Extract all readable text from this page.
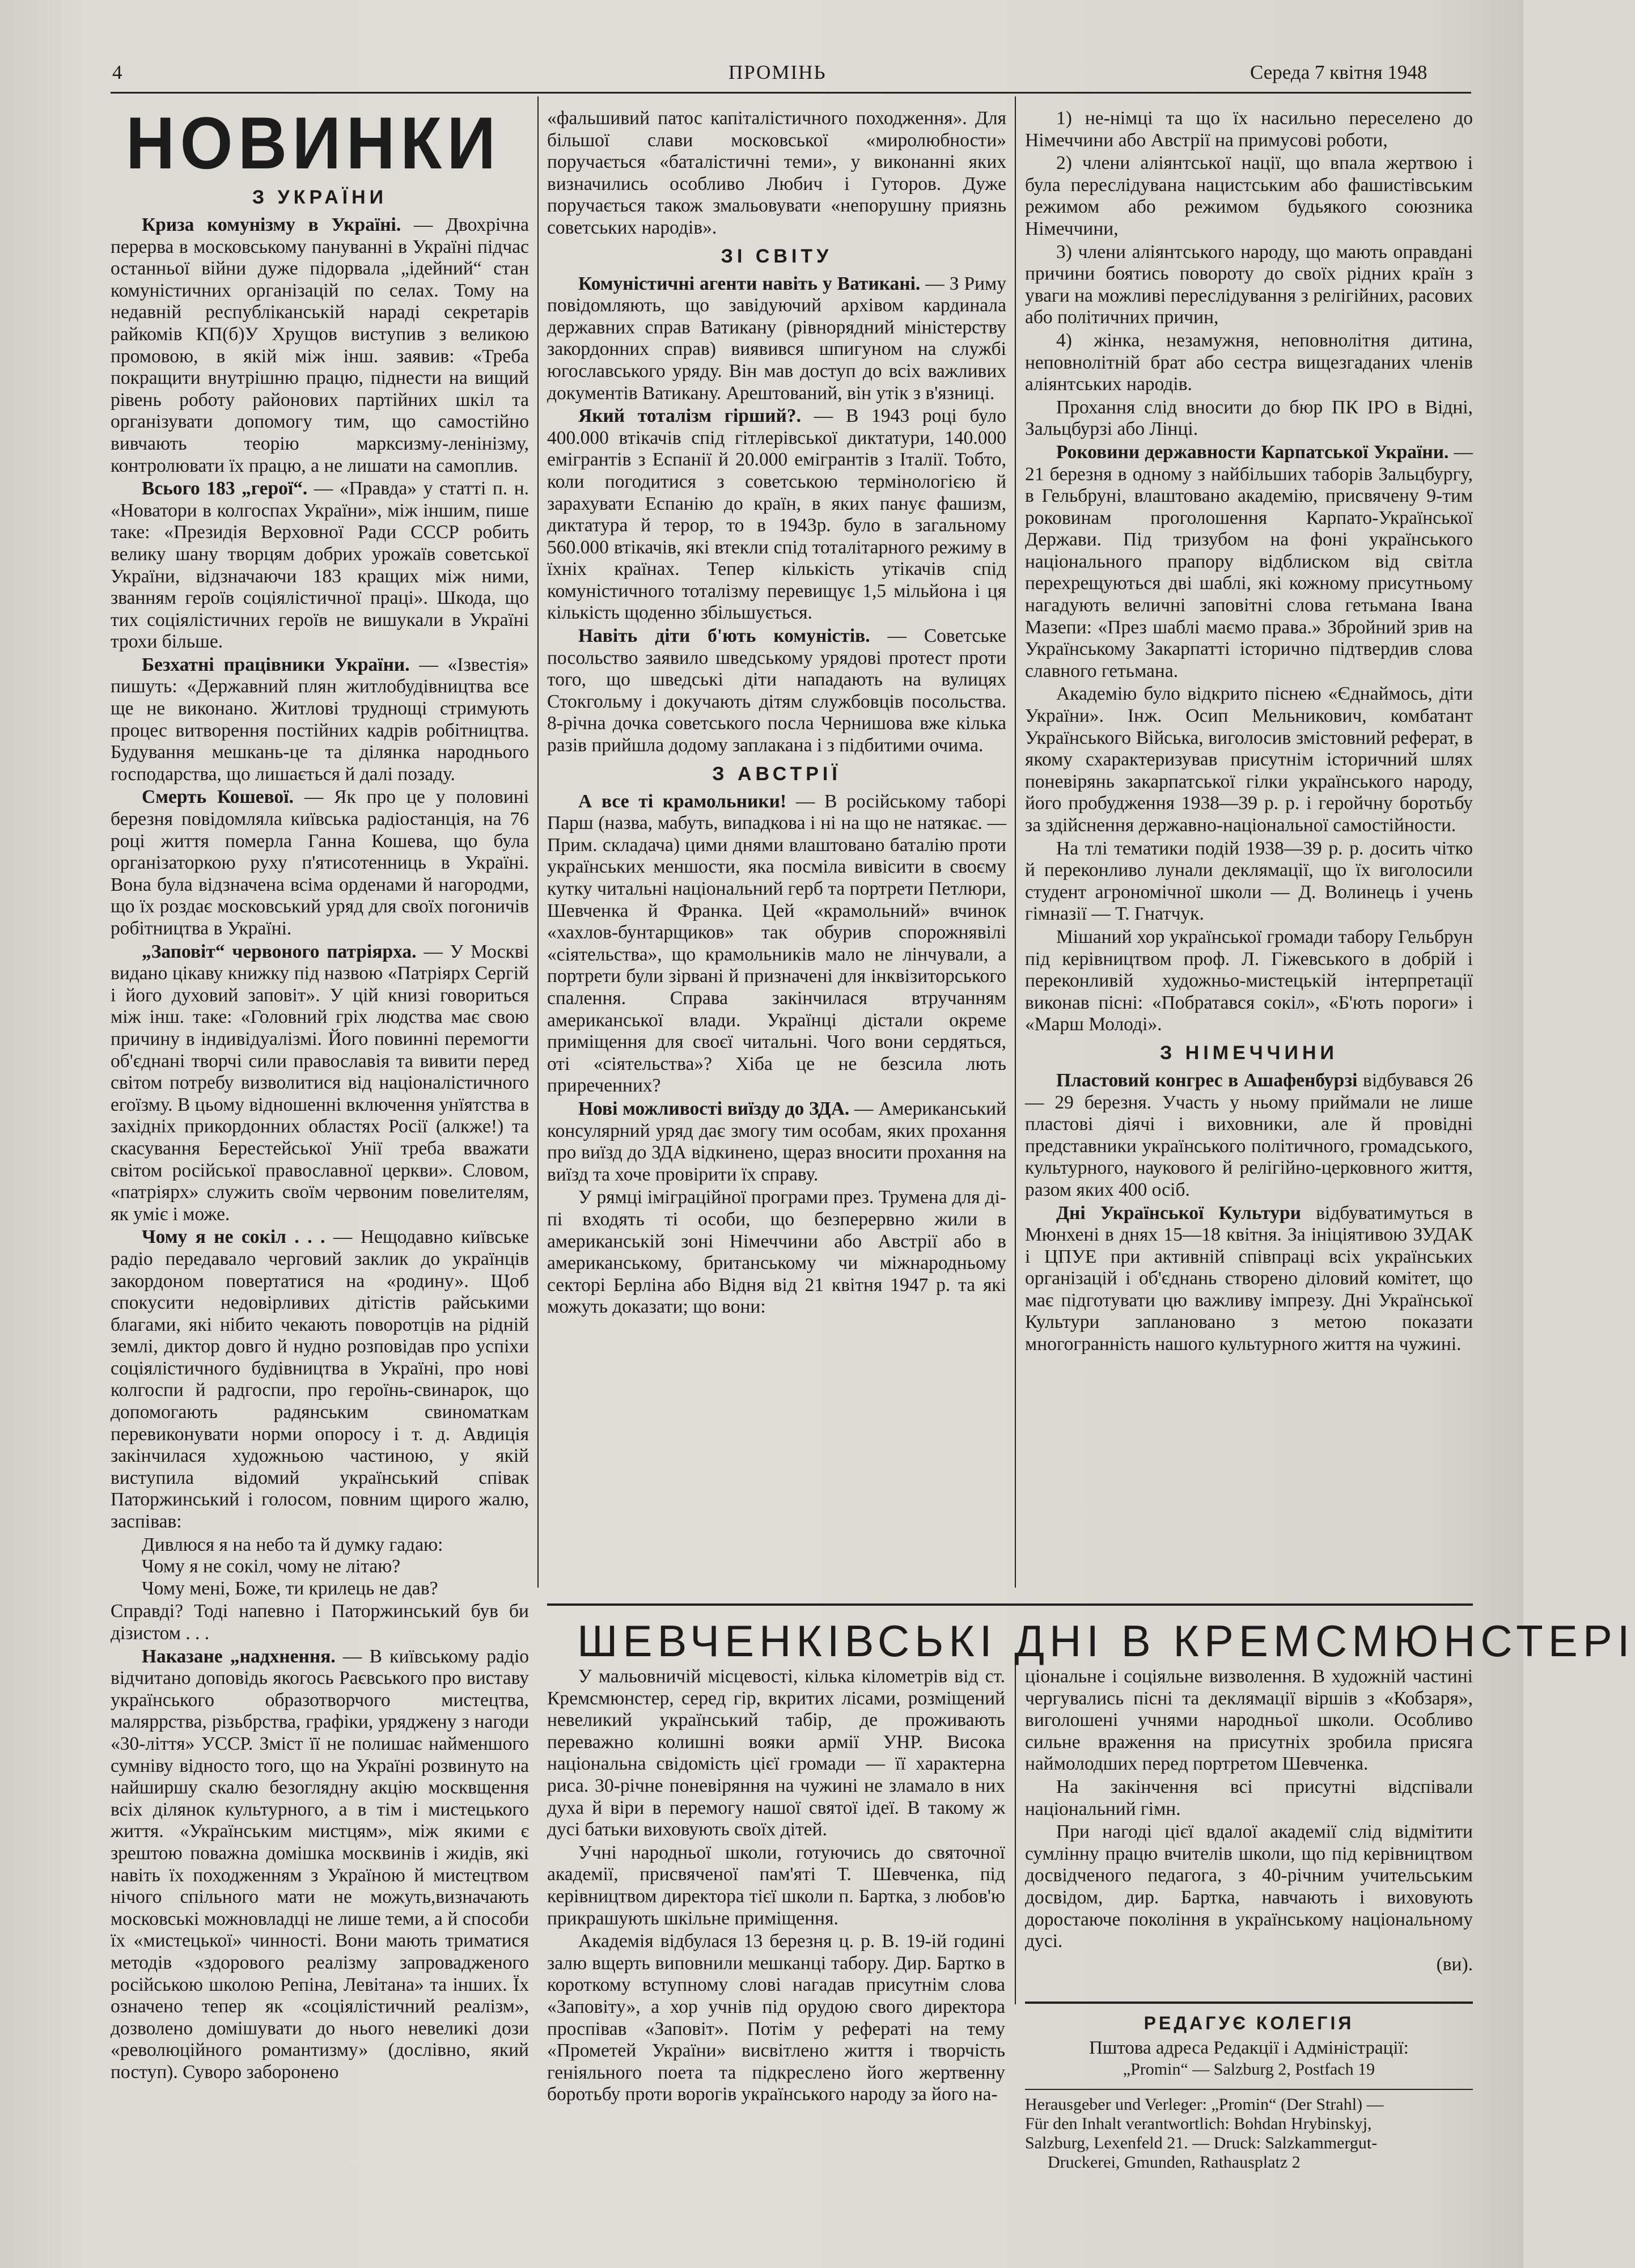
4	ПРОМІНЬ	Середа 7 квітня 1948
НОВИНКИ
З УКРАЇНИ

Криза комунізму в Україні. — Двохрічна перерва в московському пануванні в Україні підчас останньої війни дуже підорвала „ідейний“ стан комуністичних організацій по селах. Тому на недавній республіканській нараді секретарів райкомів КП(б)У Хрущов виступив з великою промовою, в якій між інш. заявив: «Треба покращити внутрішню працю, піднести на вищий рівень роботу районових партійних шкіл та організувати допомогу тим, що самостійно вивчають теорію марксизму-ленінізму, контролювати їх працю, а не лишати на самоплив.

Всього 183 „герої“. — «Правда» у статті п. н. «Новатори в колгоспах України», між іншим, пише таке: «Президія Верховної Ради СССР робить велику шану творцям добрих урожаїв советської України, відзначаючи 183 кращих між ними, званням героїв соціялістичної праці». Шкода, що тих соціялістичних героїв не вишукали в Україні трохи більше.

Безхатні працівники України. — «Ізвестія» пишуть: «Державний плян житлобудівництва все ще не виконано. Житлові труднощі стримують процес витворення постійних кадрів робітництва. Будування мешкань-це та ділянка народнього господарства, що лишається й далі позаду.

Смерть Кошевої. — Як про це у половині березня повідомляла київська радіостанція, на 76 році життя померла Ганна Кошева, що була організаторкою руху п'ятисотенниць в Україні. Вона була відзначена всіма орденами й нагородми, що їх роздає московський уряд для своїх погоничів робітництва в Україні.

„Заповіт“ червоного патріярха. — У Москві видано цікаву книжку під назвою «Патріярх Сергій і його духовий заповіт». У цій книзі говориться між інш. таке: «Головний гріх людства має свою причину в індивідуалізмі. Його повинні перемогти об'єднані творчі сили православія та вивити перед світом потребу визволитися від націоналістичного егоїзму. В цьому відношенні включення унїятства в західніх прикордонних областях Росії (алкже!) та скасування Берестейської Унії треба вважати світом російської православної церкви». Словом, «патріярх» служить своїм червоним повелителям, як уміє і може.

Чому я не сокіл . . . — Нещодавно київське радіо передавало черговий заклик до українців закордоном повертатися на «родину». Щоб спокусити недовірливих дітістів райськими благами, які нібито чекають поворотців на рідній землі, диктор довго й нудно розповідав про успіхи соціялістичного будівництва в Україні, про нові колгоспи й радгоспи, про героїнь-свинарок, що допомогають радянським свиноматкам перевиконувати норми опоросу і т. д. Авдиція закінчилася художньою частиною, у якій виступила відомий український співак Паторжинський і голосом, повним щирого жалю, заспівав:

Дивлюся я на небо та й думку гадаю:
Чому я не сокіл, чому не літаю?
Чому мені, Боже, ти крилець не дав?

Справді? Тоді напевно і Паторжинський був би дізистом . . .

Наказане „надхнення. — В київському радіо відчитано доповідь якогось Раєвського про виставу українського образотворчого мистецтва, маляррства, різьбрства, графіки, уряджену з нагоди «30-ліття» УССР. Зміст її не полишає найменшого сумніву відносто того, що на Україні розвинуто на найширшу скалю безоглядну акцію москвщення всіх ділянок культурного, а в тім і мистецького життя. «Українським мистцям», між якими є зрештою поважна домішка москвинів і жидів, які навіть їх походженням з Україною й мистецтвом нічого спільного мати не можуть,визначають московські можновладці не лише теми, а й способи їх «мистецької» чинності. Вони мають триматися методів «здорового реалізму запровадженого російською школою Репіна, Левітана» та інших. Їх означено тепер як «соціялістичний реалізм», дозволено домішувати до нього невеликі дози «революційного романтизму» (дослівно, який поступ). Суворо заборонено

«фальшивий патос капіталістичного походження». Для більшої слави московської «миролюбности» поручається «баталістичні теми», у виконанні яких визначились особливо Любич і Гуторов. Дуже поручається також змальовувати «непорушну приязнь советських народів».

ЗІ СВІТУ

Комуністичні агенти навіть у Ватикані. — З Риму повідомляють, що завідуючий архівом кардинала державних справ Ватикану (рівнорядний міністерству закордонних справ) виявився шпигуном на службі югославського уряду. Він мав доступ до всіх важливих документів Ватикану. Арештований, він утік з в'язниці.

Який тоталізм гірший?. — В 1943 році було 400.000 втікачів спід гітлерівської диктатури, 140.000 емігрантів з Еспанії й 20.000 емігрантів з Італії. Тобто, коли погодитися з советською термінологією й зарахувати Еспанію до країн, в яких панує фашизм, диктатура й терор, то в 1943р. було в загальному 560.000 втікачів, які втекли спід тоталітарного режиму в їхніх країнах. Тепер кількість утікачів спід комуністичного тоталізму перевищує 1,5 мільйона і ця кількість щоденно збільшується.

Навіть діти б'ють комуністів. — Советське посольство заявило шведському урядові протест проти того, що шведські діти нападають на вулицях Стокгольму і докучають дітям службовців посольства. 8-річна дочка советського посла Чернишова вже кілька разів прийшла додому заплакана і з підбитими очима.

З АВСТРІЇ

А все ті крамольники! — В російському таборі Парш (назва, мабуть, випадкова і ні на що не натякає. — Прим. складача) цими днями влаштовано баталію проти українських меншости, яка посміла вивісити в своєму кутку читальні національний герб та портрети Петлюри, Шевченка й Франка. Цей «крамольний» вчинок «хахлов-бунтарщиков» так обурив спорожнявілі «сіятельства», що крамольників мало не лінчували, а портрети були зірвані й призначені для інквізиторського спалення. Справа закінчилася втручанням американської влади. Українці дістали окреме приміщення для своєї читальні. Чого вони сердяться, оті «сіятельства»? Хіба це не безсила лють приреченних?

Нові можливості виїзду до ЗДА. — Американський консулярний уряд дає змогу тим особам, яких прохання про виїзд до ЗДА відкинено, щераз вносити прохання на виїзд та хоче провірити їх справу.

У рямці імігрaційної програми през. Трумена для ді-пі входять ті особи, що безперервно жили в американській зоні Німеччини або Австрії або в американському, британському чи міжнародньому секторі Берліна або Відня від 21 квітня 1947 р. та які можуть доказати; що вони:

1) не-німці та що їх насильно переселено до Німеччини або Австрії на примусові роботи,

2) члени аліянтської нації, що впала жертвою і була переслідувана нацистським або фашистівським режимом або режимом будьякого союзника Німеччини,

3) члени аліянтського народу, що мають оправдані причини боятись повороту до своїх рідних країн з уваги на можливі переслідування з релігійних, расових або політичних причин,

4) жінка, незамужня, неповнолітня дитина, неповнолітній брат або сестра вищезгаданих членів аліянтських народів.

Прохання слід вносити до бюр ПК ІРО в Відні, Зальцбурзі або Лінці.

Роковини державности Карпатської України. — 21 березня в одному з найбільших таборів Зальцбургу, в Гельбруні, влаштовано академію, присвячену 9-тим роковинам проголошення Карпато-Української Держави. Під тризубом на фоні українського національного прапору відблиском від світла перехрещуються дві шаблі, які кожному присутньому нагадують величні заповітні слова гетьмана Івана Мазепи: «През шаблі маємо права.» Збройний зрив на Українському Закарпатті історично підтвердив слова славного гетьмана.

Академію було відкрито піснею «Єднаймось, діти України». Інж. Осип Мельникович, комбатант Українського Війська, виголосив змістовний реферат, в якому схарактеризував присутнім історичний шлях поневірянь закарпатської гілки українського народу, його пробудження 1938—39 р. р. і геройчну боротьбу за здійснення державно-національної самостійности.

На тлі тематики подій 1938—39 р. р. досить чітко й переконливо лунали деклямації, що їх виголосили студент агрономічної школи — Д. Волинець і учень гімназії — Т. Гнатчук.

Мішаний хор української громади табору Гельбрун під керівництвом проф. Л. Гіжевського в добрій і переконливій художньо-мистецькій інтерпретації виконав пісні: «Побратався сокіл», «Б'ють пороги» і «Марш Молоді».

З НІМЕЧЧИНИ

Пластовий конгрес в Ашафенбурзі відбувався 26 — 29 березня. Участь у ньому приймали не лише пластові діячі і виховники, але й провідні представники українського політичного, громадського, культурного, наукового й релігійно-церковного життя, разом яких 400 осіб.

Дні Української Культури відбуватимуться в Мюнхені в днях 15—18 квітня. За ініціятивою ЗУДАК і ЦПУЕ при активній співпраці всіх українських організацій і об'єднань створено діловий комітет, що має підготувати цю важливу імпрезу. Дні Української Культури заплановано з метою показати многогранність нашого культурного життя на чужині.

ШЕВЧЕНКІВСЬКІ ДНІ В КРЕМСМЮНСТЕРІ

У мальовничій місцевості, кілька кілометрів від ст. Кремсмюнстер, серед гір, вкритих лісами, розміщений невеликий український табір, де проживають переважно колишні вояки армії УНР. Висока національна свідомість цієї громади — її характерна риса. 30-річне поневіряння на чужині не зламало в них духа й віри в перемогу нашої святої ідеї. В такому ж дусі батьки виховують своїх дітей.

Учні народньої школи, готуючись до святочної академії, присвяченої пам'яті Т. Шевченка, під керівництвом директора тієї школи п. Бартка, з любов'ю прикрашують шкільне приміщення.

Академія відбулася 13 березня ц. р. В. 19-ій годині залю вщерть виповнили мешканці табору. Дир. Бартко в короткому вступному слові нагадав присутнім слова «Заповіту», а хор учнів під орудою свого директора проспівав «Заповіт». Потім у рефераті на тему «Прометей України» висвітлено життя і творчість геніяльного поета та підкреслено його жертвенну боротьбу проти ворогів українського народу за його на-

ціональне і соціяльне визволення. В художній частині чергувались пісні та деклямації віршів з «Кобзаря», виголошені учнями народньої школи. Особливо сильне враження на присутніх зробила присяга наймолодших перед портретом Шевченка.

На закінчення всі присутні відспівали національний гімн.

При нагоді цієї вдалої академії слід відмітити сумлінну працю вчителів школи, що під керівництвом досвідченого педагога, з 40-річним учительським досвідом, дир. Бартка, навчають і виховують доростаюче покоління в українському національному дусі.

(ви).

РЕДАГУЄ КОЛЕГІЯ
Пштова адреса Редакції і Адміністрації:
„Promin“ — Salzburg 2, Postfach 19
Herausgeber und Verleger: „Promin“ (Der Strahl) —
Für den Inhalt verantwortlich: Bohdan Hrybinskyj,
Salzburg, Lexenfeld 21. — Druck: Salzkammergut-
Druckerei, Gmunden, Rathausplatz 2
